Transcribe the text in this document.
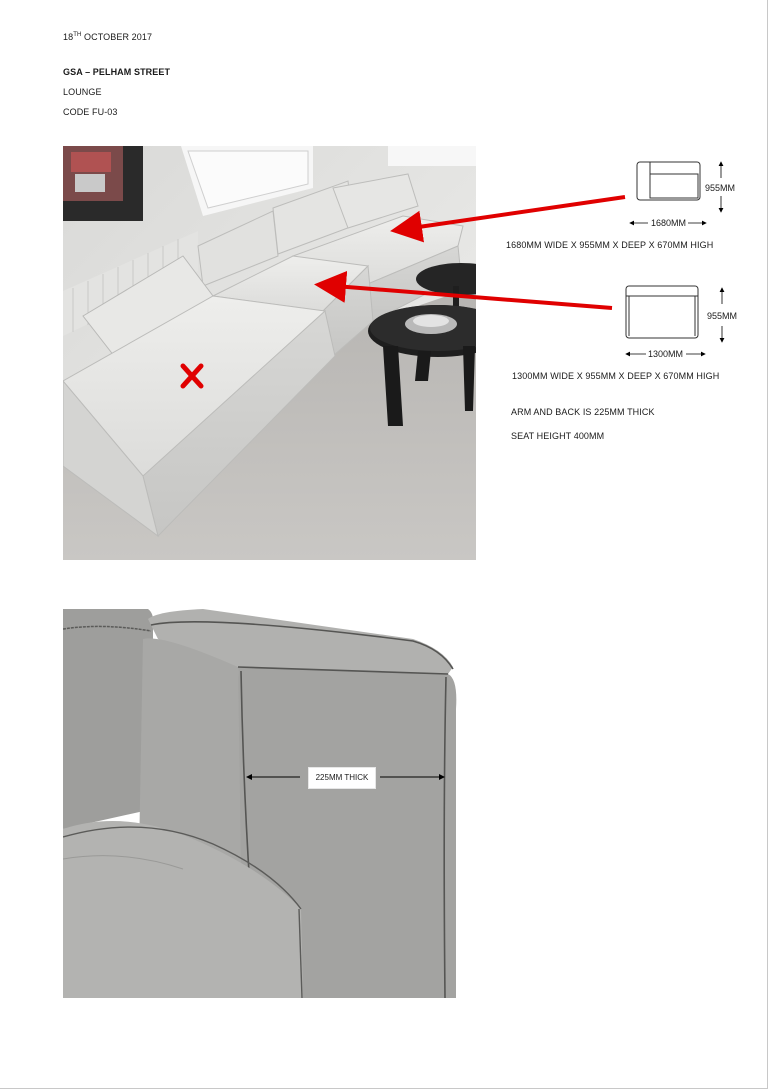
18TH OCTOBER 2017
GSA – PELHAM STREET
LOUNGE
CODE FU-03
955MM
1680MM
1680MM WIDE X 955MM X DEEP X 670MM HIGH
955MM
1300MM
1300MM WIDE X 955MM X DEEP X 670MM HIGH
ARM AND BACK IS 225MM THICK
SEAT HEIGHT 400MM
225MM THICK
